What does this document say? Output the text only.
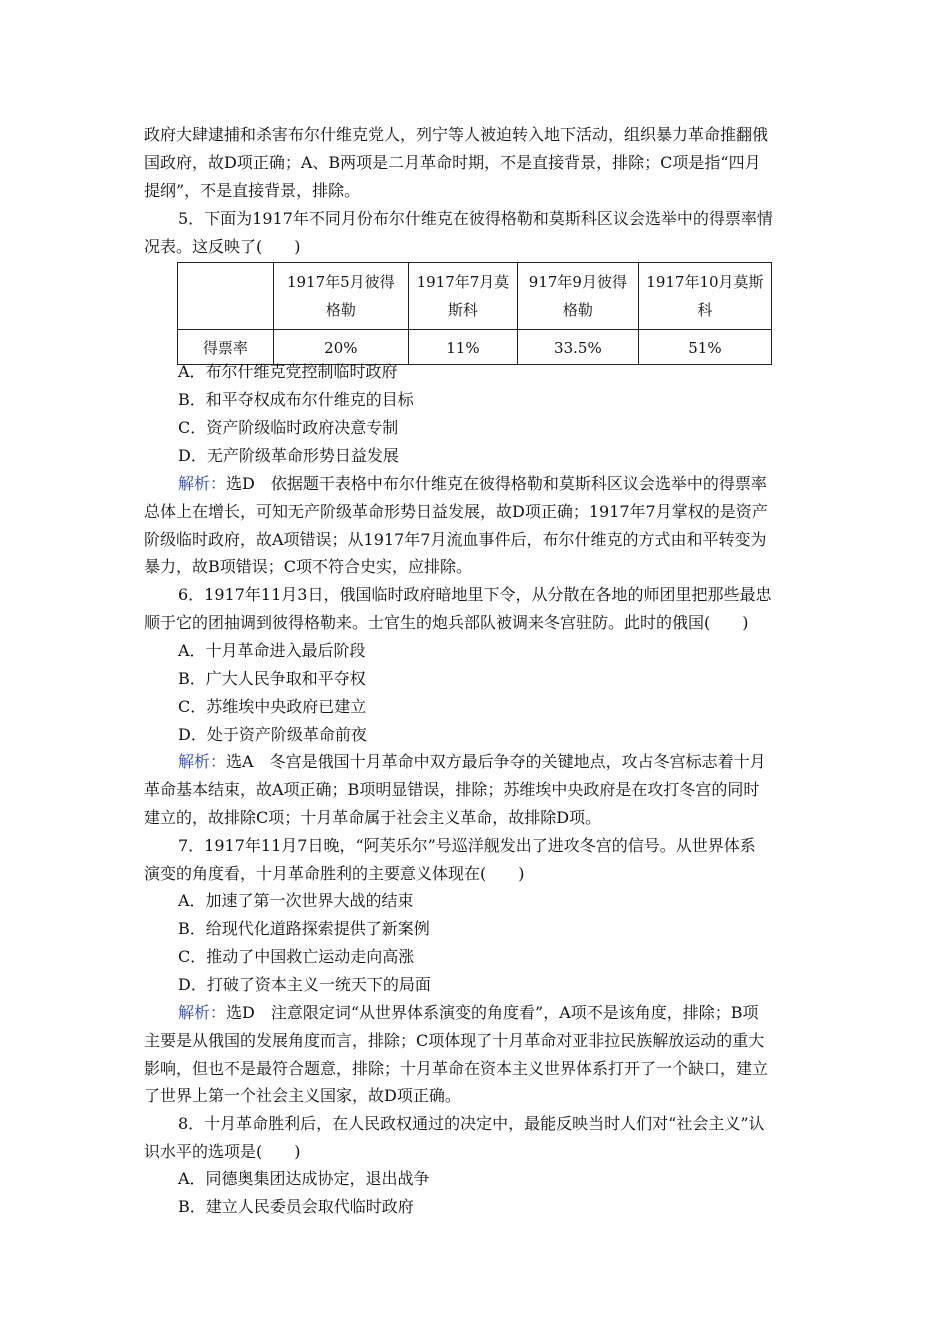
政府大肆逮捕和杀害布尔什维克党人，列宁等人被迫转入地下活动，组织暴力革命推翻俄

国政府，故D项正确；A、B两项是二月革命时期，不是直接背景，排除；C项是指“四月

提纲”，不是直接背景，排除。

5．下面为1917年不同月份布尔什维克在彼得格勒和莫斯科区议会选举中的得票率情

况表。这反映了(　　)

	1917年5月彼得格勒	1917年7月莫斯科	917年9月彼得格勒	1917年10月莫斯科
得票率	20%	11%	33.5%	51%

A．布尔什维克党控制临时政府

B．和平夺权成布尔什维克的目标

C．资产阶级临时政府决意专制

D．无产阶级革命形势日益发展

解析：选D　依据题干表格中布尔什维克在彼得格勒和莫斯科区议会选举中的得票率

总体上在增长，可知无产阶级革命形势日益发展，故D项正确；1917年7月掌权的是资产

阶级临时政府，故A项错误；从1917年7月流血事件后，布尔什维克的方式由和平转变为

暴力，故B项错误；C项不符合史实，应排除。

6．1917年11月3日，俄国临时政府暗地里下令，从分散在各地的师团里把那些最忠

顺于它的团抽调到彼得格勒来。士官生的炮兵部队被调来冬宫驻防。此时的俄国(　　)

A．十月革命进入最后阶段

B．广大人民争取和平夺权

C．苏维埃中央政府已建立

D．处于资产阶级革命前夜

解析：选A　冬宫是俄国十月革命中双方最后争夺的关键地点，攻占冬宫标志着十月

革命基本结束，故A项正确；B项明显错误，排除；苏维埃中央政府是在攻打冬宫的同时

建立的，故排除C项；十月革命属于社会主义革命，故排除D项。

7．1917年11月7日晚，“阿芙乐尔”号巡洋舰发出了进攻冬宫的信号。从世界体系

演变的角度看，十月革命胜利的主要意义体现在(　　)

A．加速了第一次世界大战的结束

B．给现代化道路探索提供了新案例

C．推动了中国救亡运动走向高涨

D．打破了资本主义一统天下的局面

解析：选D　注意限定词“从世界体系演变的角度看”，A项不是该角度，排除；B项

主要是从俄国的发展角度而言，排除；C项体现了十月革命对亚非拉民族解放运动的重大

影响，但也不是最符合题意，排除；十月革命在资本主义世界体系打开了一个缺口，建立

了世界上第一个社会主义国家，故D项正确。

8．十月革命胜利后，在人民政权通过的决定中，最能反映当时人们对“社会主义”认

识水平的选项是(　　)

A．同德奥集团达成协定，退出战争

B．建立人民委员会取代临时政府
